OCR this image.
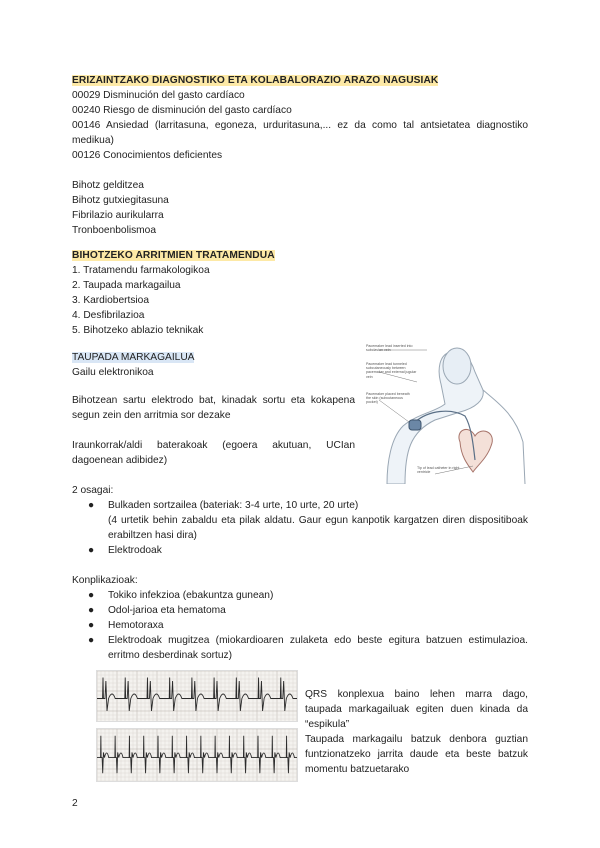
ERIZAINTZAKO DIAGNOSTIKO ETA KOLABALORAZIO ARAZO NAGUSIAK
00029 Disminución del gasto cardíaco
00240 Riesgo de disminución del gasto cardíaco
00146 Ansiedad (larritasuna, egoneza, urduritasuna,... ez da como tal antsietatea diagnostiko medikua)
00126 Conocimientos deficientes
Bihotz gelditzea
Bihotz gutxiegitasuna
Fibrilazio aurikularra
Tronboenbolismoa
BIHOTZEKO ARRITMIEN TRATAMENDUA
1. Tratamendu farmakologikoa
2. Taupada markagailua
3. Kardiobertsioa
4. Desfibrilazioa
5. Bihotzeko ablazio teknikak
TAUPADA MARKAGAILUA
Gailu elektronikoa
Bihotzean sartu elektrodo bat, kinadak sortu eta kokapena segun zein den arritmia sor dezake
Iraunkorrak/aldi baterakoak (egoera akutuan, UCIan dagoenean adibidez)
Pacemaker lead inserted into subclavian vein
Pacemaker lead tunneled subcutaneously between pacemaker and external jugular vein
Pacemaker placed beneath the skin (subcutaneous pocket)
Tip of lead catheter in right ventricle
2 osagai:
● Bulkaden sortzailea (bateriak: 3-4 urte, 10 urte, 20 urte)
(4 urtetik behin zabaldu eta pilak aldatu. Gaur egun kanpotik kargatzen diren dispositiboak erabiltzen hasi dira)
● Elektrodoak
Konplikazioak:
● Tokiko infekzioa (ebakuntza gunean)
● Odol-jarioa eta hematoma
● Hemotoraxa
● Elektrodoak mugitzea (miokardioaren zulaketa edo beste egitura batzuen estimulazioa. erritmo desberdinak sortuz)
QRS konplexua baino lehen marra dago, taupada markagailuak egiten duen kinada da “espikula”
Taupada markagailu batzuk denbora guztian funtzionatzeko jarrita daude eta beste batzuk momentu batzuetarako
2
